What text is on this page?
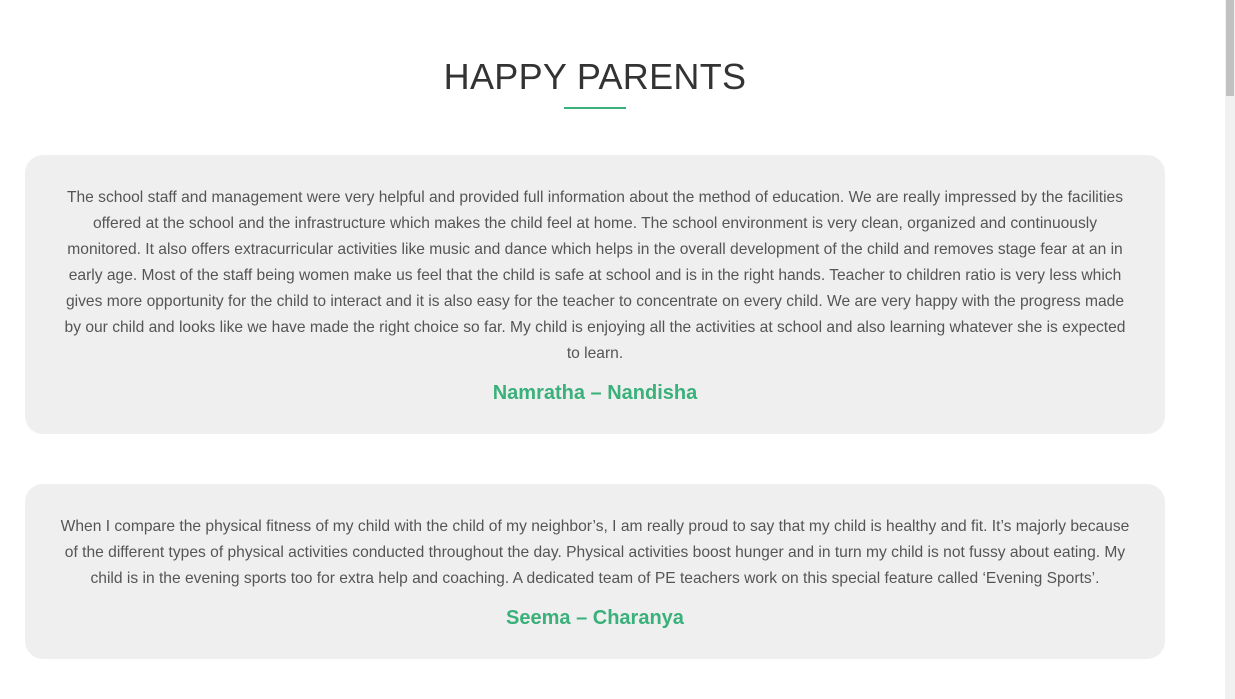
HAPPY PARENTS

The school staff and management were very helpful and provided full information about the method of education. We are really impressed by the facilities offered at the school and the infrastructure which makes the child feel at home. The school environment is very clean, organized and continuously monitored. It also offers extracurricular activities like music and dance which helps in the overall development of the child and removes stage fear at an in early age. Most of the staff being women make us feel that the child is safe at school and is in the right hands. Teacher to children ratio is very less which gives more opportunity for the child to interact and it is also easy for the teacher to concentrate on every child. We are very happy with the progress made by our child and looks like we have made the right choice so far. My child is enjoying all the activities at school and also learning whatever she is expected to learn.

Namratha – Nandisha

When I compare the physical fitness of my child with the child of my neighbor’s, I am really proud to say that my child is healthy and fit. It’s majorly because of the different types of physical activities conducted throughout the day. Physical activities boost hunger and in turn my child is not fussy about eating. My child is in the evening sports too for extra help and coaching. A dedicated team of PE teachers work on this special feature called ‘Evening Sports’.

Seema – Charanya
